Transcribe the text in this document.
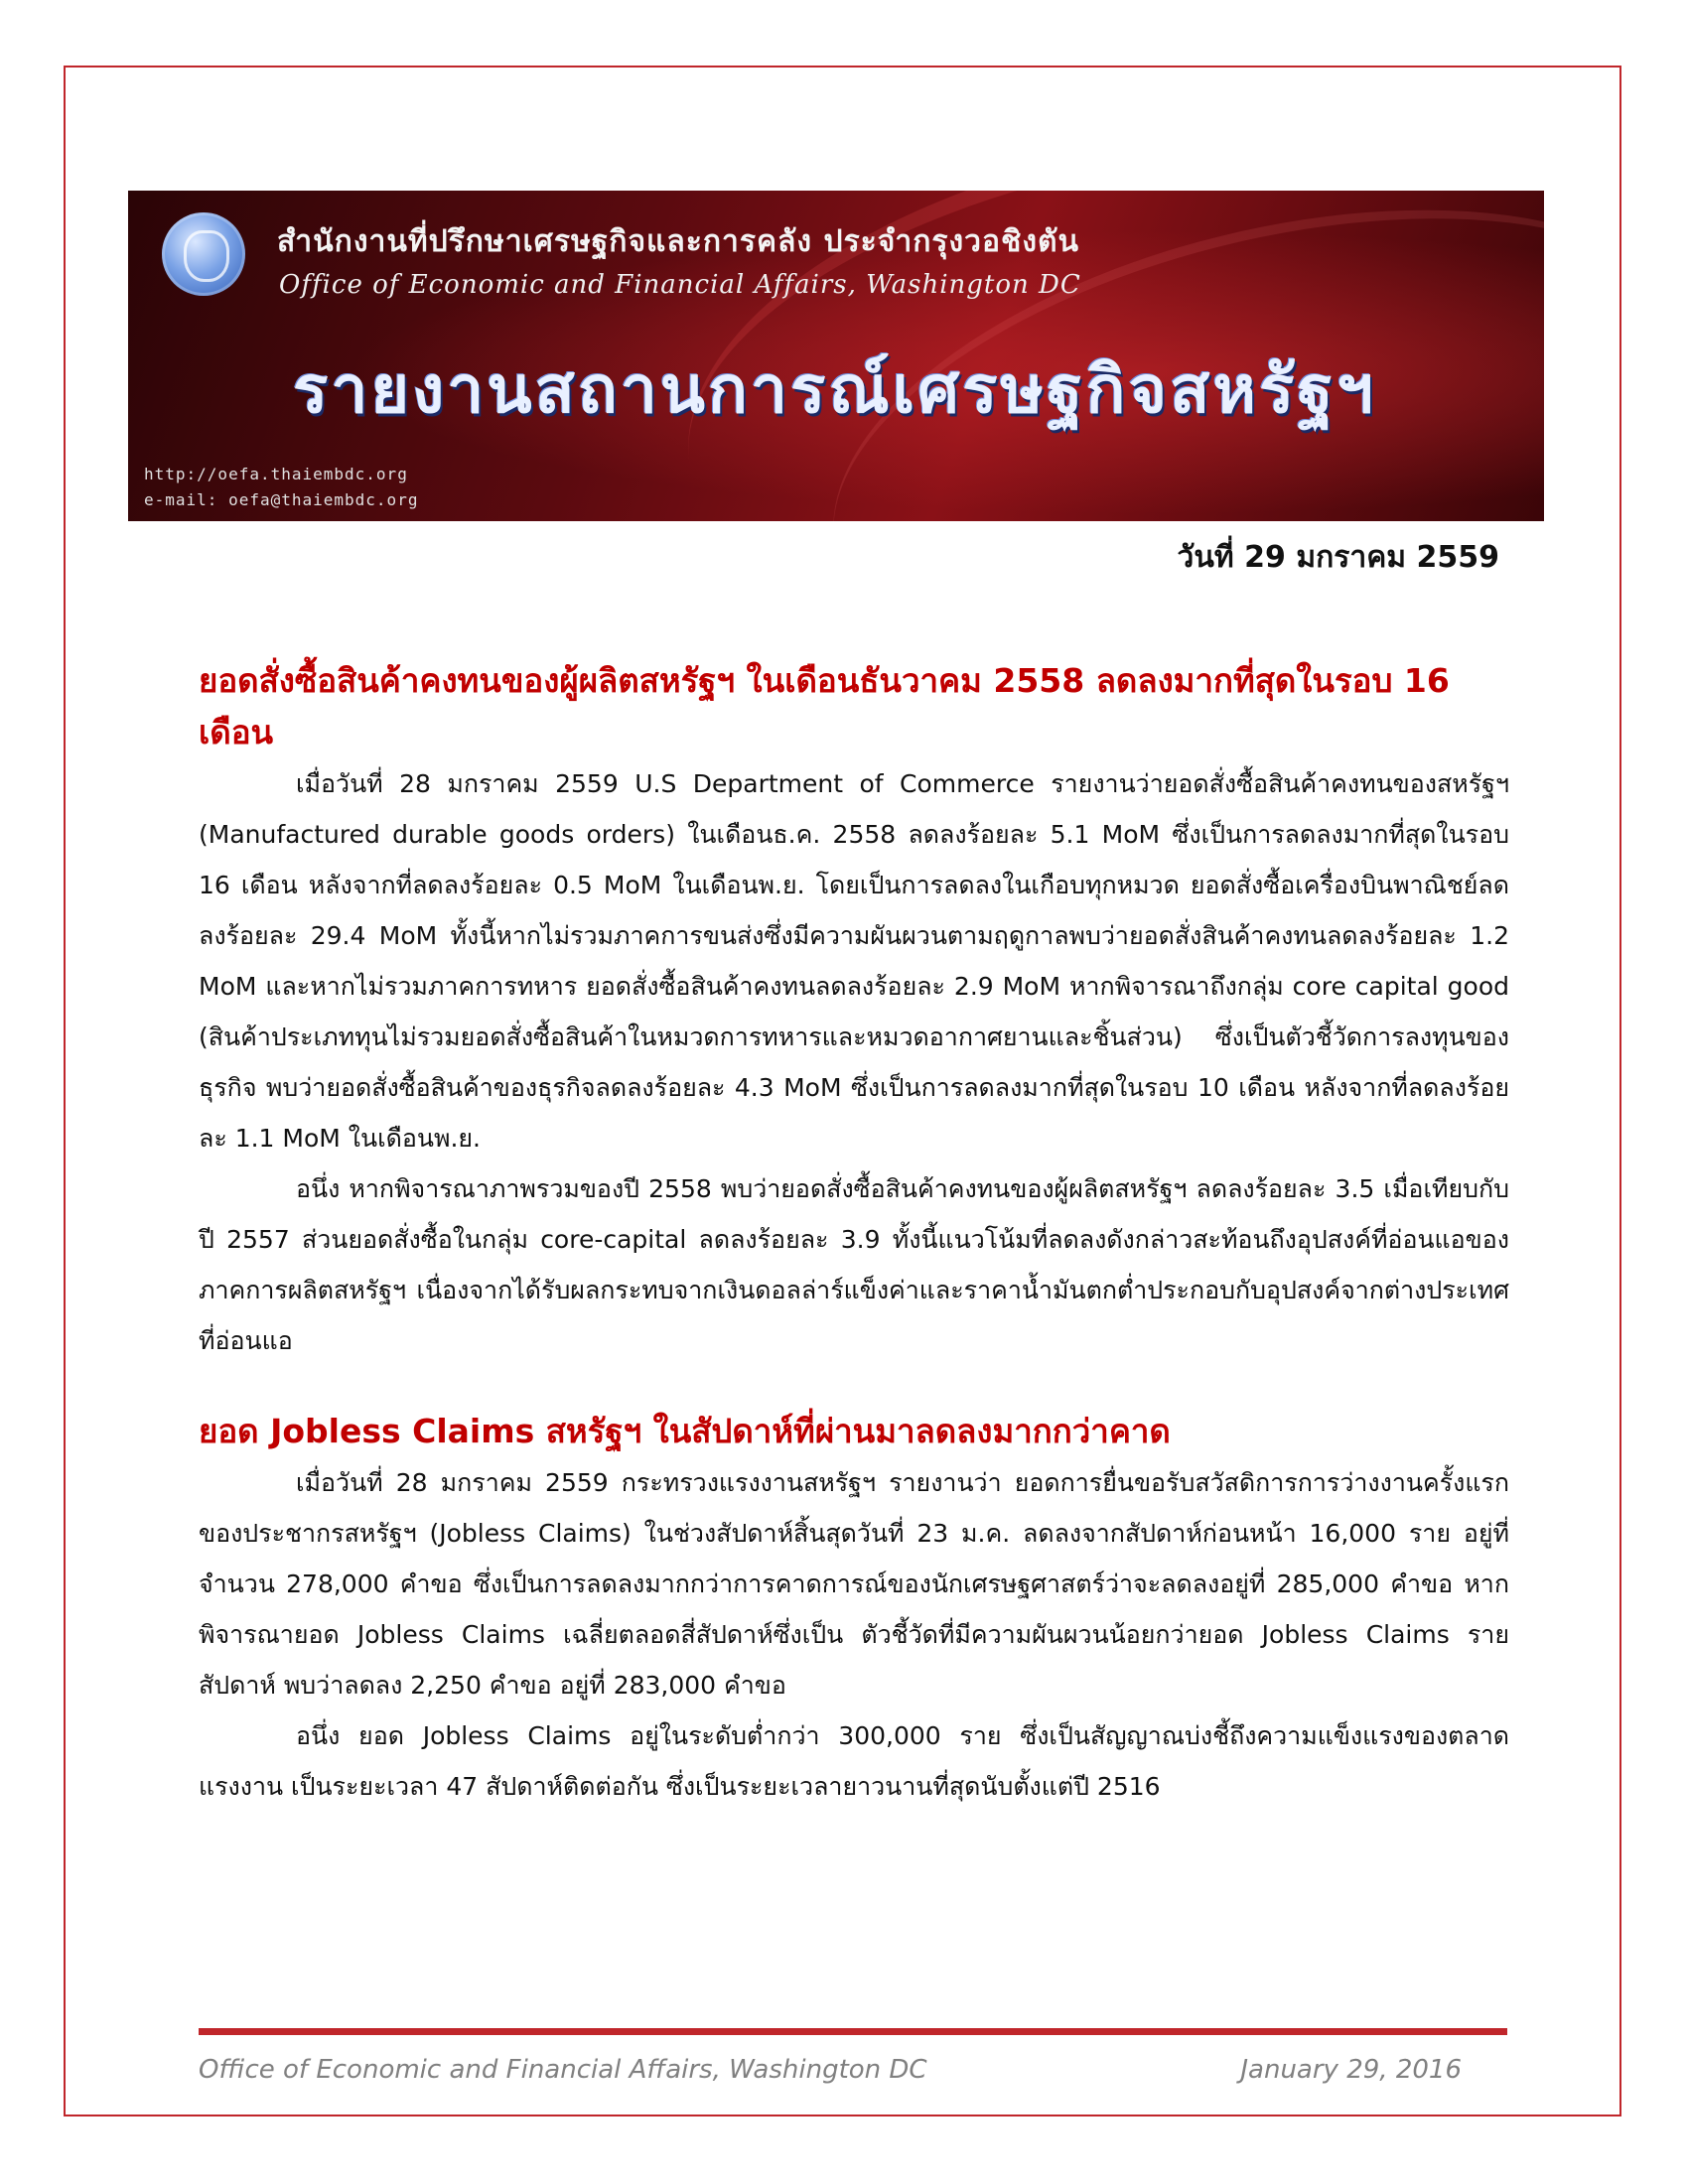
สำนักงานที่ปรึกษาเศรษฐกิจและการคลัง ประจำกรุงวอชิงตัน
Office of Economic and Financial Affairs, Washington DC
รายงานสถานการณ์เศรษฐกิจสหรัฐฯ
http://oefa.thaiembdc.org
e-mail: oefa@thaiembdc.org
วันที่ 29 มกราคม 2559

ยอดสั่งซื้อสินค้าคงทนของผู้ผลิตสหรัฐฯ ในเดือนธันวาคม 2558 ลดลงมากที่สุดในรอบ 16 เดือน

เมื่อวันที่ 28 มกราคม 2559 U.S Department of Commerce รายงานว่ายอดสั่งซื้อสินค้าคงทนของสหรัฐฯ (Manufactured durable goods orders) ในเดือนธ.ค. 2558 ลดลงร้อยละ 5.1 MoM ซึ่งเป็นการลดลงมากที่สุดในรอบ 16 เดือน หลังจากที่ลดลงร้อยละ 0.5 MoM ในเดือนพ.ย. โดยเป็นการลดลงในเกือบทุกหมวด ยอดสั่งซื้อเครื่องบินพาณิชย์ลดลงร้อยละ 29.4 MoM ทั้งนี้หากไม่รวมภาคการขนส่งซึ่งมีความผันผวนตามฤดูกาลพบว่ายอดสั่งสินค้าคงทนลดลงร้อยละ 1.2 MoM และหากไม่รวมภาคการทหาร ยอดสั่งซื้อสินค้าคงทนลดลงร้อยละ 2.9 MoM หากพิจารณาถึงกลุ่ม core capital good (สินค้าประเภททุนไม่รวมยอดสั่งซื้อสินค้าในหมวดการทหารและหมวดอากาศยานและชิ้นส่วน) ซึ่งเป็นตัวชี้วัดการลงทุนของธุรกิจ พบว่ายอดสั่งซื้อสินค้าของธุรกิจลดลงร้อยละ 4.3 MoM ซึ่งเป็นการลดลงมากที่สุดในรอบ 10 เดือน หลังจากที่ลดลงร้อยละ 1.1 MoM ในเดือนพ.ย.

อนึ่ง หากพิจารณาภาพรวมของปี 2558 พบว่ายอดสั่งซื้อสินค้าคงทนของผู้ผลิตสหรัฐฯ ลดลงร้อยละ 3.5 เมื่อเทียบกับปี 2557 ส่วนยอดสั่งซื้อในกลุ่ม core-capital ลดลงร้อยละ 3.9 ทั้งนี้แนวโน้มที่ลดลงดังกล่าวสะท้อนถึงอุปสงค์ที่อ่อนแอของภาคการผลิตสหรัฐฯ เนื่องจากได้รับผลกระทบจากเงินดอลล่าร์แข็งค่าและราคาน้ำมันตกต่ำประกอบกับอุปสงค์จากต่างประเทศที่อ่อนแอ

ยอด Jobless Claims สหรัฐฯ ในสัปดาห์ที่ผ่านมาลดลงมากกว่าคาด

เมื่อวันที่ 28 มกราคม 2559 กระทรวงแรงงานสหรัฐฯ รายงานว่า ยอดการยื่นขอรับสวัสดิการการว่างงานครั้งแรกของประชากรสหรัฐฯ (Jobless Claims) ในช่วงสัปดาห์สิ้นสุดวันที่ 23 ม.ค. ลดลงจากสัปดาห์ก่อนหน้า 16,000 ราย อยู่ที่จำนวน 278,000 คำขอ ซึ่งเป็นการลดลงมากกว่าการคาดการณ์ของนักเศรษฐศาสตร์ว่าจะลดลงอยู่ที่ 285,000 คำขอ หากพิจารณายอด Jobless Claims เฉลี่ยตลอดสี่สัปดาห์ซึ่งเป็น ตัวชี้วัดที่มีความผันผวนน้อยกว่ายอด Jobless Claims รายสัปดาห์ พบว่าลดลง 2,250 คำขอ อยู่ที่ 283,000 คำขอ

อนึ่ง ยอด Jobless Claims อยู่ในระดับต่ำกว่า 300,000 ราย ซึ่งเป็นสัญญาณบ่งชี้ถึงความแข็งแรงของตลาดแรงงาน เป็นระยะเวลา 47 สัปดาห์ติดต่อกัน ซึ่งเป็นระยะเวลายาวนานที่สุดนับตั้งแต่ปี 2516

Office of Economic and Financial Affairs, Washington DC	January 29, 2016
